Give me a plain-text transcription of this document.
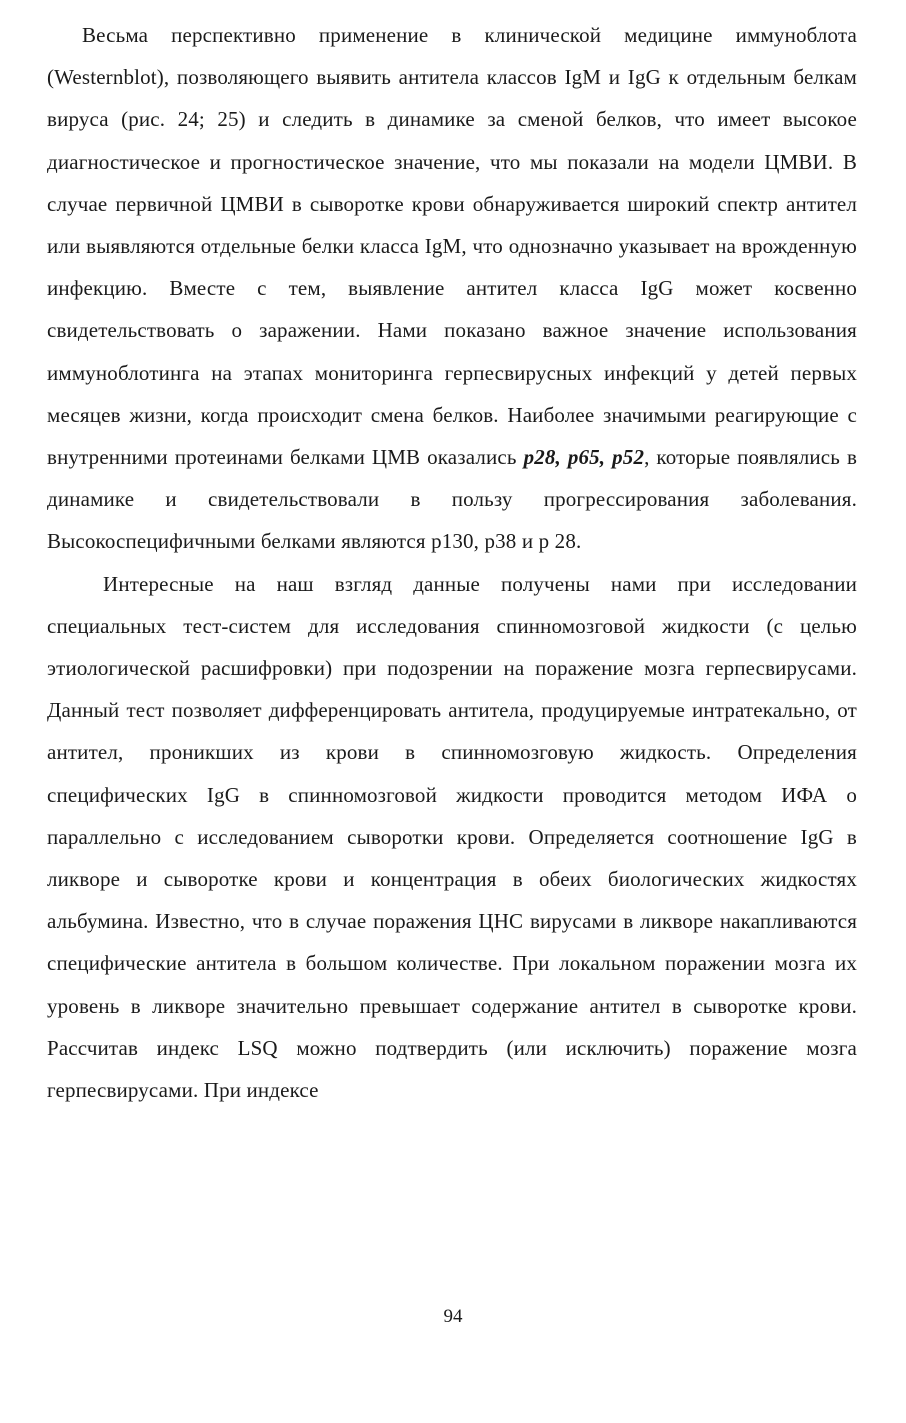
Весьма перспективно применение в клинической медицине иммуноблота (Westernblot), позволяющего выявить антитела классов IgM и IgG к отдельным белкам вируса (рис. 24; 25) и следить в динамике за сменой белков, что имеет высокое диагностическое и прогностическое значение, что мы показали на модели ЦМВИ. В случае первичной ЦМВИ в сыворотке крови обнаруживается широкий спектр антител или выявляются отдельные белки класса IgM, что однозначно указывает на врожденную инфекцию. Вместе с тем, выявление антител класса IgG может косвенно свидетельствовать о заражении. Нами показано важное значение использования иммуноблотинга на этапах мониторинга герпесвирусных инфекций у детей первых месяцев жизни, когда происходит смена белков. Наиболее значимыми реагирующие с внутренними протеинами белками ЦМВ оказались p28, p65, p52, которые появлялись в динамике и свидетельствовали в пользу прогрессирования заболевания. Высокоспецифичными белками являются p130, p38 и p 28.

Интересные на наш взгляд данные получены нами при исследовании специальных тест-систем для исследования спинномозговой жидкости (с целью этиологической расшифровки) при подозрении на поражение мозга герпесвирусами. Данный тест позволяет дифференцировать антитела, продуцируемые интратекально, от антител, проникших из крови в спинномозговую жидкость. Определения специфических IgG в спинномозговой жидкости проводится методом ИФА о параллельно с исследованием сыворотки крови. Определяется соотношение IgG в ликворе и сыворотке крови и концентрация в обеих биологических жидкостях альбумина. Известно, что в случае поражения ЦНС вирусами в ликворе накапливаются специфические антитела в большом количестве. При локальном поражении мозга их уровень в ликворе значительно превышает содержание антител в сыворотке крови. Рассчитав индекс LSQ можно подтвердить (или исключить) поражение мозга герпесвирусами. При индексе

94
